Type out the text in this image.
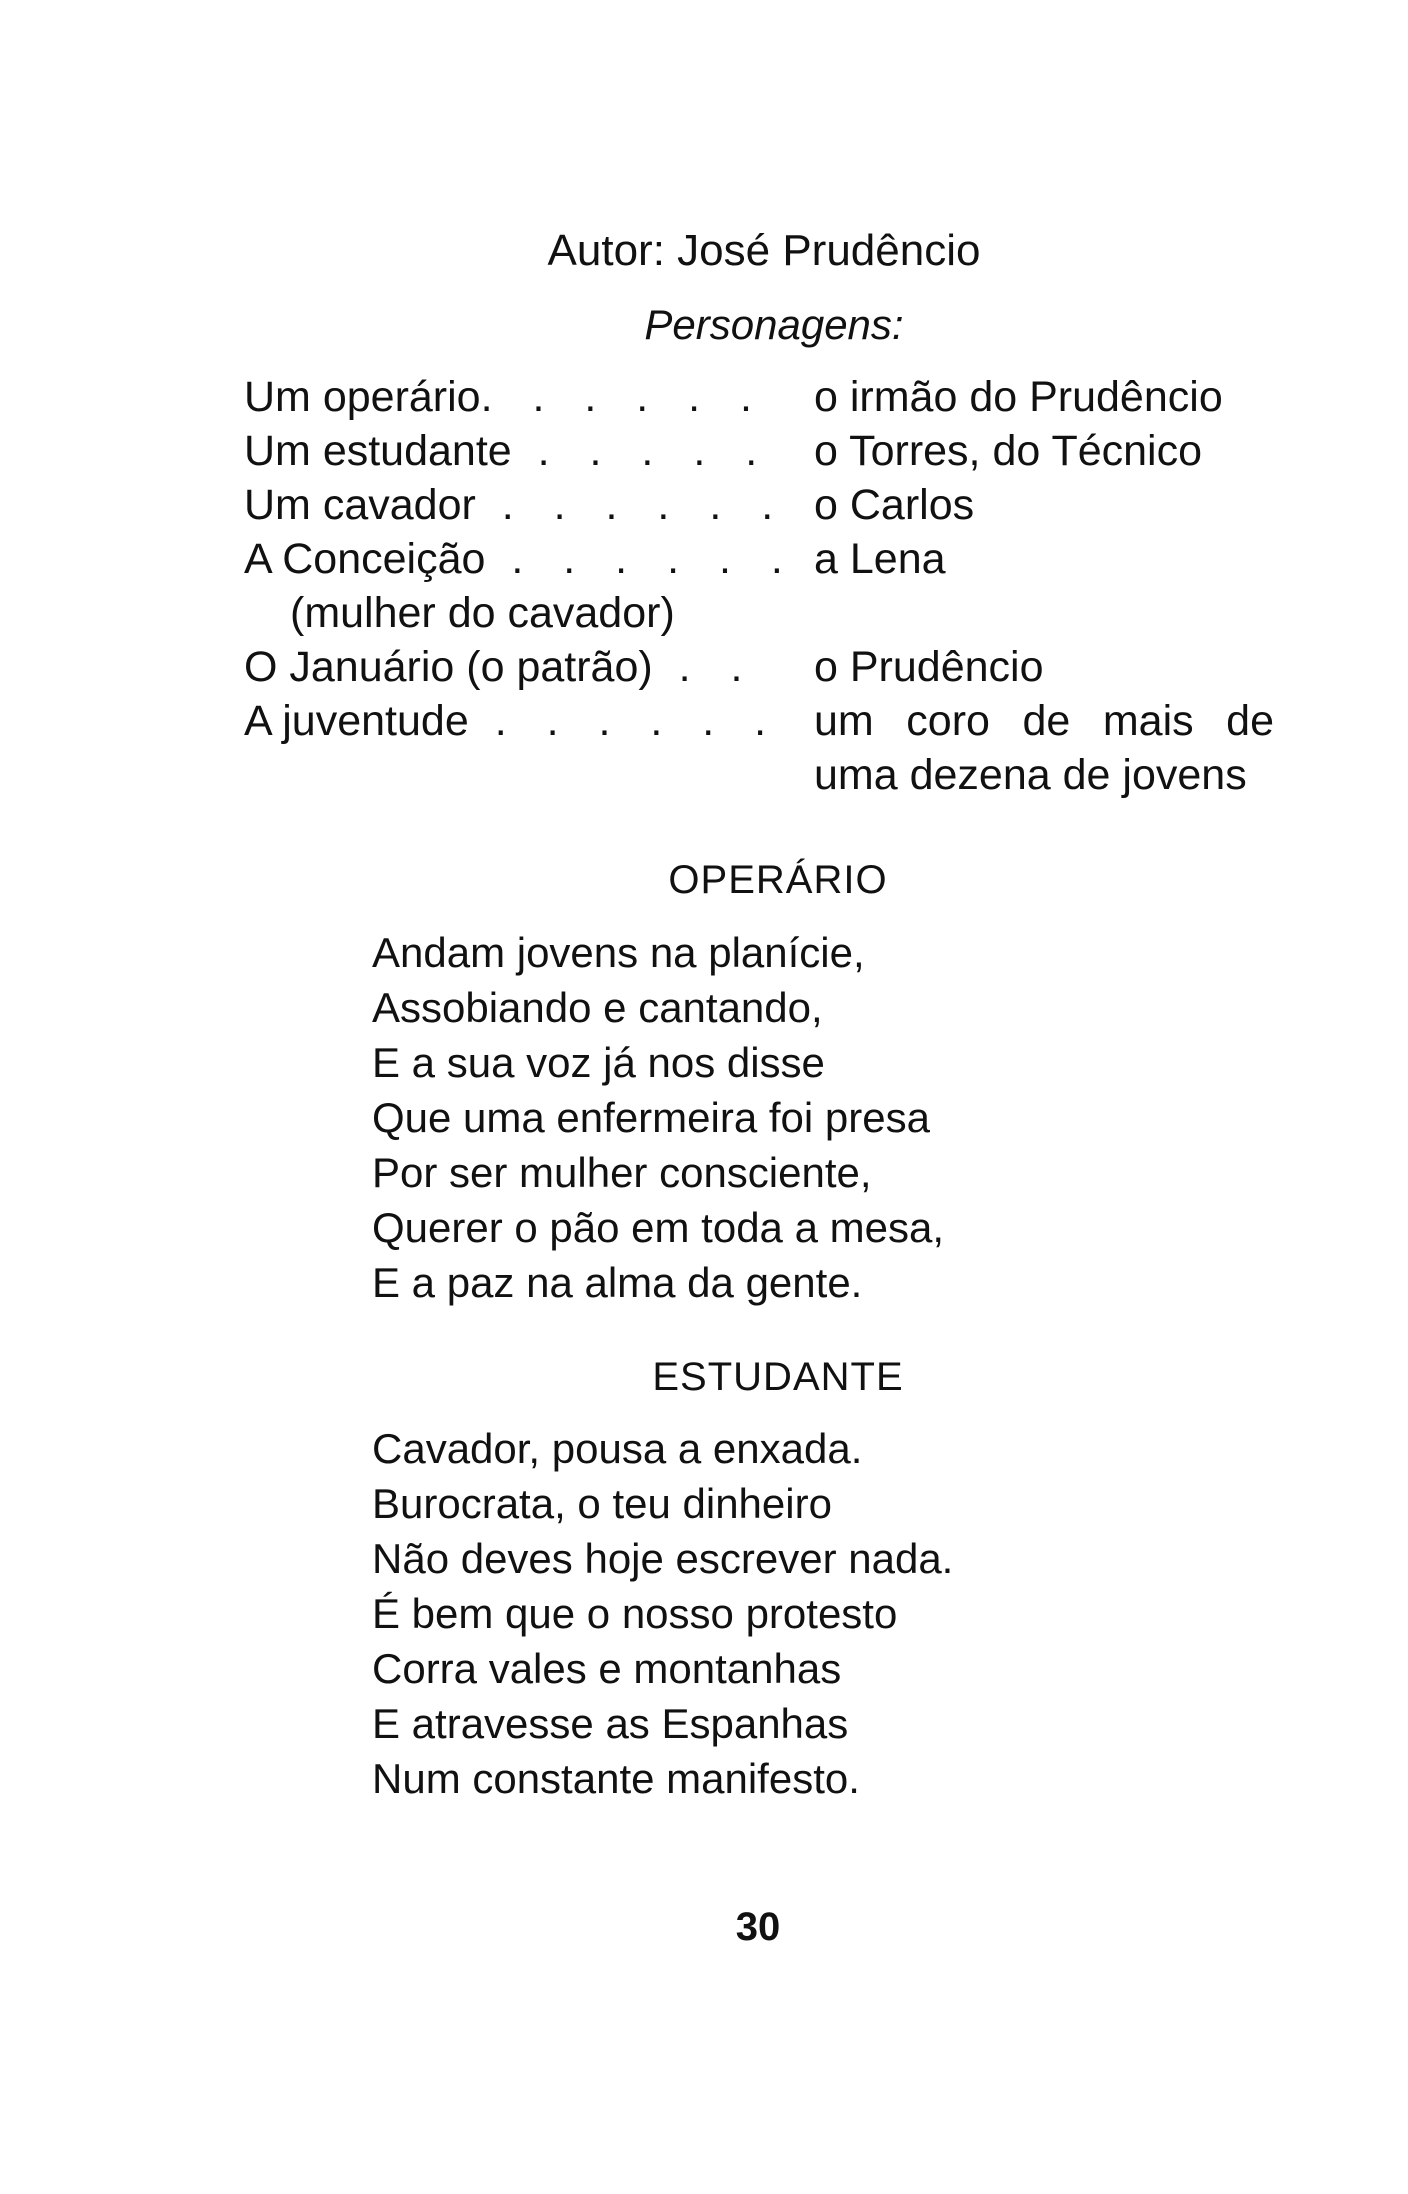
Autor: José Prudêncio
Personagens:
Um operário. . . . . .	o irmão do Prudêncio
Um estudante . . . . . o Torres, do Técnico
Um cavador . . . . . . o Carlos
A Conceição . . . . . . a Lena
(mulher do cavador)
O Januário (o patrão) . .	o Prudêncio
A juventude . . . . . . um coro de mais de
uma dezena de jovens
OPERÁRIO
Andam jovens na planície,
Assobiando e cantando,
E a sua voz já nos disse
Que uma enfermeira foi presa
Por ser mulher consciente,
Querer o pão em toda a mesa,
E a paz na alma da gente.
ESTUDANTE
Cavador, pousa a enxada.
Burocrata, o teu dinheiro
Não deves hoje escrever nada.
É bem que o nosso protesto
Corra vales e montanhas
E atravesse as Espanhas
Num constante manifesto.
30
